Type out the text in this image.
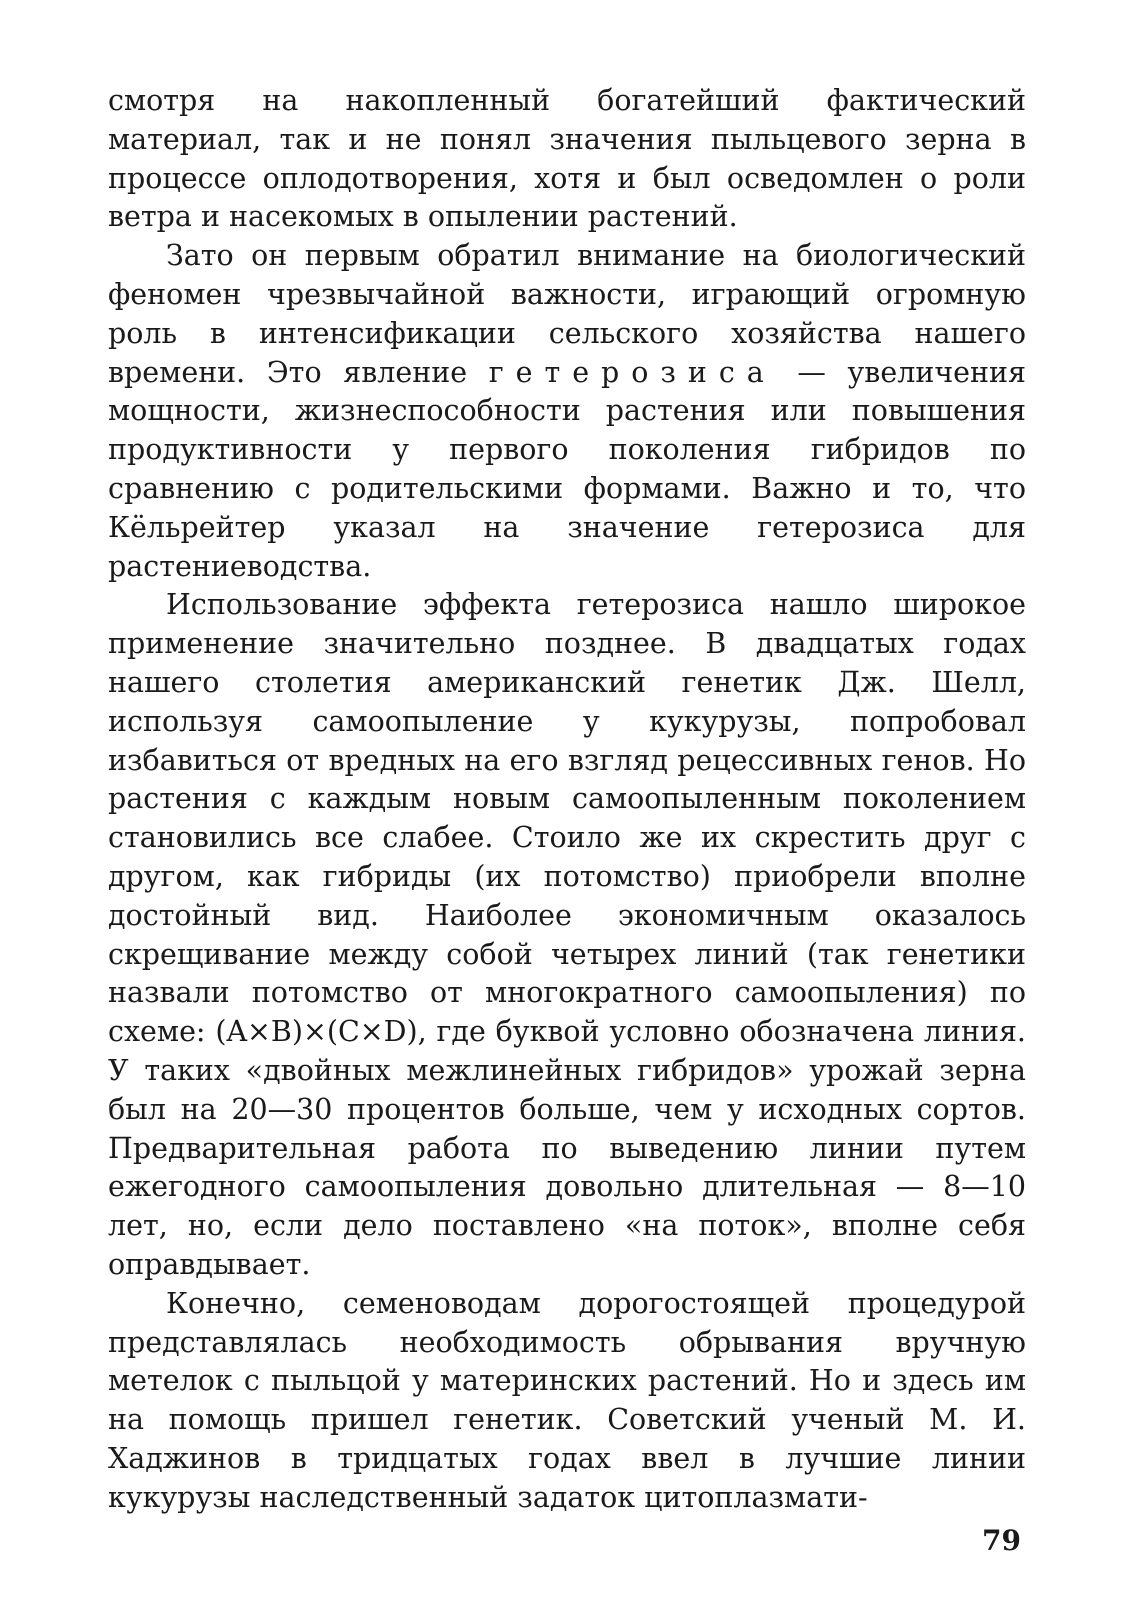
смотря на накопленный богатейший фактический материал, так и не понял значения пыльцевого зерна в процессе оплодотворения, хотя и был осведомлен о роли ветра и насекомых в опылении растений.

Зато он первым обратил внимание на биологический феномен чрезвычайной важности, играющий огромную роль в интенсификации сельского хозяйства нашего времени. Это явление гетерозиса — увеличения мощности, жизнеспособности растения или повышения продуктивности у первого поколения гибридов по сравнению с родительскими формами. Важно и то, что Кёльрейтер указал на значение гетерозиса для растениеводства.

Использование эффекта гетерозиса нашло широкое применение значительно позднее. В двадцатых годах нашего столетия американский генетик Дж. Шелл, используя самоопыление у кукурузы, попробовал избавиться от вредных на его взгляд рецессивных генов. Но растения с каждым новым самоопыленным поколением становились все слабее. Стоило же их скрестить друг с другом, как гибриды (их потомство) приобрели вполне достойный вид. Наиболее экономичным оказалось скрещивание между собой четырех линий (так генетики назвали потомство от многократного самоопыления) по схеме: (A×B)×(C×D), где буквой условно обозначена линия. У таких «двойных межлинейных гибридов» урожай зерна был на 20—30 процентов больше, чем у исходных сортов. Предварительная работа по выведению линии путем ежегодного самоопыления довольно длительная — 8—10 лет, но, если дело поставлено «на поток», вполне себя оправдывает.

Конечно, семеноводам дорогостоящей процедурой представлялась необходимость обрывания вручную метелок с пыльцой у материнских растений. Но и здесь им на помощь пришел генетик. Советский ученый М. И. Хаджинов в тридцатых годах ввел в лучшие линии кукурузы наследственный задаток цитоплазмати-

79
